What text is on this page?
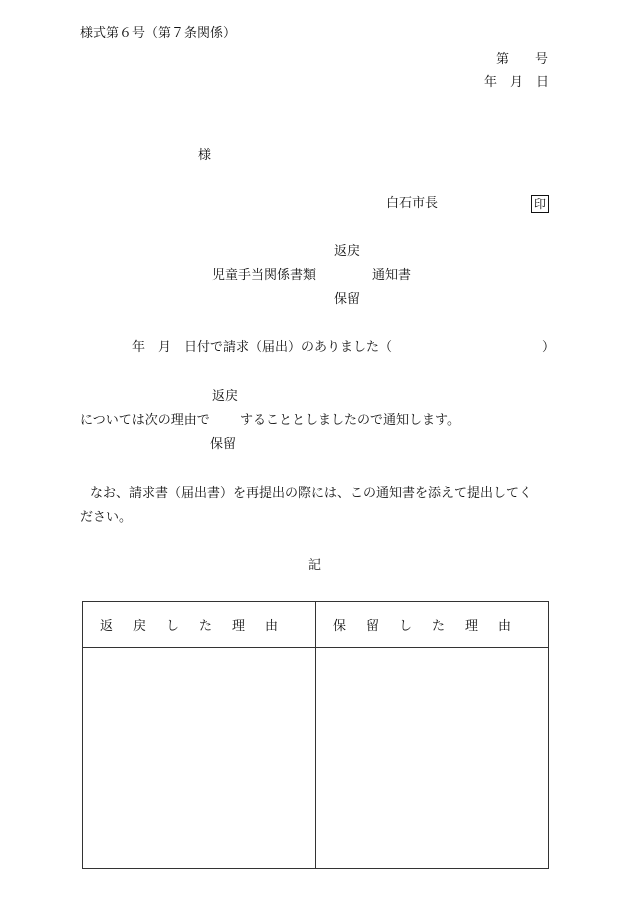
様式第６号（第７条関係）
第　　号
年　月　日
様
白石市長	印
返戻
児童手当関係書類	通知書
保留
年　月　日付で請求（届出）のありました（	）
返戻
については次の理由で することとしましたので通知します。
保留
なお、請求書（届出書）を再提出の際には、この通知書を添えて提出してく
ださい。
記
返戻した理由	保留した理由
